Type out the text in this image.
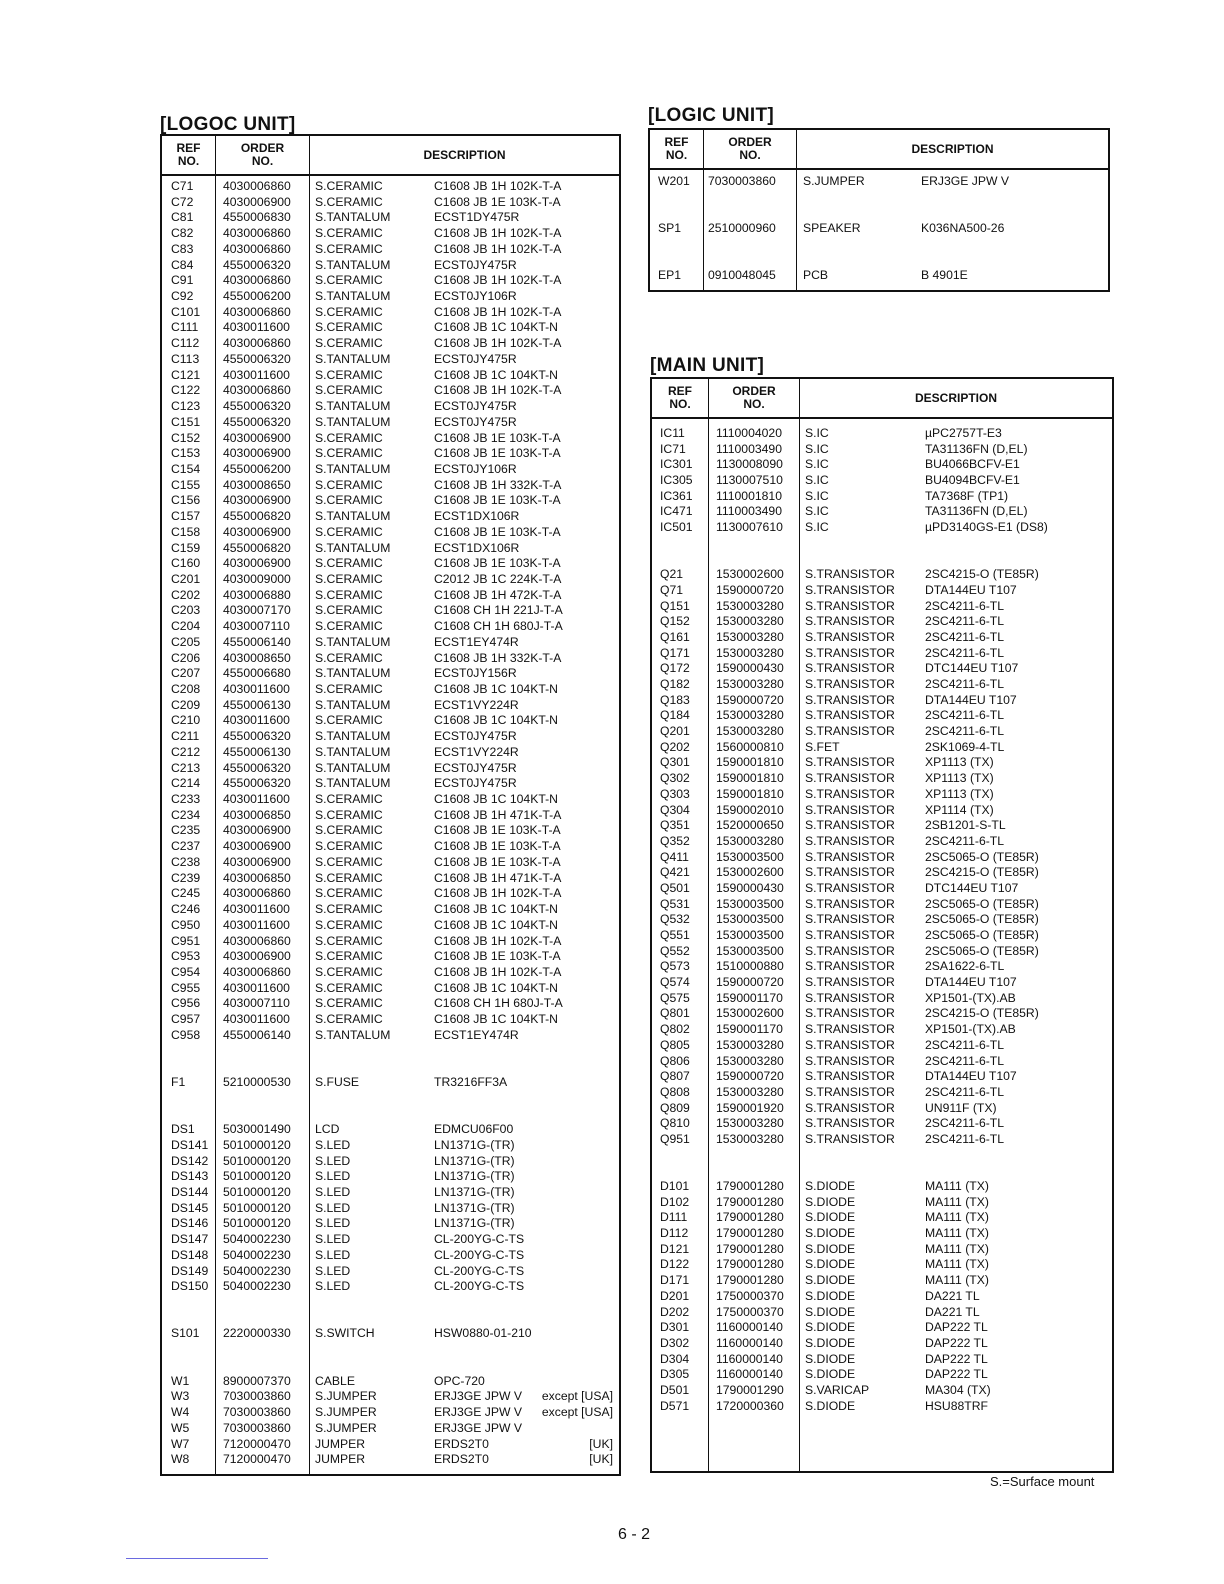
[LOGOC UNIT]
REF
NO.
ORDER
NO.	DESCRIPTION
C71 4030006860 S.CERAMIC	C1608 JB 1H 102K-T-A
C72 4030006900 S.CERAMIC	C1608 JB 1E 103K-T-A
C81 4550006830 S.TANTALUM	ECST1DY475R
C82 4030006860 S.CERAMIC	C1608 JB 1H 102K-T-A
C83 4030006860 S.CERAMIC	C1608 JB 1H 102K-T-A
C84 4550006320 S.TANTALUM	ECST0JY475R
C91 4030006860 S.CERAMIC	C1608 JB 1H 102K-T-A
C92 4550006200 S.TANTALUM	ECST0JY106R
C101 4030006860 S.CERAMIC	C1608 JB 1H 102K-T-A
C111 4030011600 S.CERAMIC	C1608 JB 1C 104KT-N
C112 4030006860 S.CERAMIC	C1608 JB 1H 102K-T-A
C113 4550006320 S.TANTALUM	ECST0JY475R
C121 4030011600 S.CERAMIC	C1608 JB 1C 104KT-N
C122 4030006860 S.CERAMIC	C1608 JB 1H 102K-T-A
C123 4550006320 S.TANTALUM	ECST0JY475R
C151 4550006320 S.TANTALUM	ECST0JY475R
C152 4030006900 S.CERAMIC	C1608 JB 1E 103K-T-A
C153 4030006900 S.CERAMIC	C1608 JB 1E 103K-T-A
C154 4550006200 S.TANTALUM	ECST0JY106R
C155 4030008650 S.CERAMIC	C1608 JB 1H 332K-T-A
C156 4030006900 S.CERAMIC	C1608 JB 1E 103K-T-A
C157 4550006820 S.TANTALUM	ECST1DX106R
C158 4030006900 S.CERAMIC	C1608 JB 1E 103K-T-A
C159 4550006820 S.TANTALUM	ECST1DX106R
C160 4030006900 S.CERAMIC	C1608 JB 1E 103K-T-A
C201 4030009000 S.CERAMIC	C2012 JB 1C 224K-T-A
C202 4030006880 S.CERAMIC	C1608 JB 1H 472K-T-A
C203 4030007170 S.CERAMIC	C1608 CH 1H 221J-T-A
C204 4030007110 S.CERAMIC	C1608 CH 1H 680J-T-A
C205 4550006140 S.TANTALUM	ECST1EY474R
C206 4030008650 S.CERAMIC	C1608 JB 1H 332K-T-A
C207 4550006680 S.TANTALUM	ECST0JY156R
C208 4030011600 S.CERAMIC	C1608 JB 1C 104KT-N
C209 4550006130 S.TANTALUM	ECST1VY224R
C210 4030011600 S.CERAMIC	C1608 JB 1C 104KT-N
C211 4550006320 S.TANTALUM	ECST0JY475R
C212 4550006130 S.TANTALUM	ECST1VY224R
C213 4550006320 S.TANTALUM	ECST0JY475R
C214 4550006320 S.TANTALUM	ECST0JY475R
C233 4030011600 S.CERAMIC	C1608 JB 1C 104KT-N
C234 4030006850 S.CERAMIC	C1608 JB 1H 471K-T-A
C235 4030006900 S.CERAMIC	C1608 JB 1E 103K-T-A
C237 4030006900 S.CERAMIC	C1608 JB 1E 103K-T-A
C238 4030006900 S.CERAMIC	C1608 JB 1E 103K-T-A
C239 4030006850 S.CERAMIC	C1608 JB 1H 471K-T-A
C245 4030006860 S.CERAMIC	C1608 JB 1H 102K-T-A
C246 4030011600 S.CERAMIC	C1608 JB 1C 104KT-N
C950 4030011600 S.CERAMIC	C1608 JB 1C 104KT-N
C951 4030006860 S.CERAMIC	C1608 JB 1H 102K-T-A
C953 4030006900 S.CERAMIC	C1608 JB 1E 103K-T-A
C954 4030006860 S.CERAMIC	C1608 JB 1H 102K-T-A
C955 4030011600 S.CERAMIC	C1608 JB 1C 104KT-N
C956 4030007110 S.CERAMIC	C1608 CH 1H 680J-T-A
C957 4030011600 S.CERAMIC	C1608 JB 1C 104KT-N
C958 4550006140 S.TANTALUM	ECST1EY474R
F1	5210000530 S.FUSE	TR3216FF3A
DS1 5030001490 LCD	EDMCU06F00
DS141 5010000120 S.LED	LN1371G-(TR)
DS142 5010000120 S.LED	LN1371G-(TR)
DS143 5010000120 S.LED	LN1371G-(TR)
DS144 5010000120 S.LED	LN1371G-(TR)
DS145 5010000120 S.LED	LN1371G-(TR)
DS146 5010000120 S.LED	LN1371G-(TR)
DS147 5040002230 S.LED	CL-200YG-C-TS
DS148 5040002230 S.LED	CL-200YG-C-TS
DS149 5040002230 S.LED	CL-200YG-C-TS
DS150 5040002230 S.LED	CL-200YG-C-TS
S101 2220000330 S.SWITCH	HSW0880-01-210
W1	8900007370 CABLE	OPC-720
W3	7030003860 S.JUMPER	ERJ3GE JPW V except [USA]
W4	7030003860 S.JUMPER	ERJ3GE JPW V except [USA]
W5	7030003860 S.JUMPER	ERJ3GE JPW V
W7	7120000470 JUMPER	ERDS2T0	[UK]
W8	7120000470 JUMPER	ERDS2T0	[UK]
[LOGIC UNIT]
REF
NO.
ORDER
NO.	DESCRIPTION
W201 7030003860 S.JUMPER	ERJ3GE JPW V
SP1 2510000960 SPEAKER	K036NA500-26
EP1 0910048045 PCB	B 4901E
[MAIN UNIT]
REF
NO.
ORDER
NO.	DESCRIPTION
IC11	1110004020 S.IC	µPC2757T-E3
IC71 1110003490 S.IC	TA31136FN (D,EL)
IC301 1130008090 S.IC	BU4066BCFV-E1
IC305 1130007510 S.IC	BU4094BCFV-E1
IC361 1110001810 S.IC	TA7368F (TP1)
IC471 1110003490 S.IC	TA31136FN (D,EL)
IC501 1130007610 S.IC	µPD3140GS-E1 (DS8)
Q21	1530002600 S.TRANSISTOR 2SC4215-O (TE85R)
Q71	1590000720 S.TRANSISTOR DTA144EU T107
Q151 1530003280 S.TRANSISTOR 2SC4211-6-TL
Q152 1530003280 S.TRANSISTOR 2SC4211-6-TL
Q161 1530003280 S.TRANSISTOR 2SC4211-6-TL
Q171 1530003280 S.TRANSISTOR 2SC4211-6-TL
Q172 1590000430 S.TRANSISTOR DTC144EU T107
Q182 1530003280 S.TRANSISTOR 2SC4211-6-TL
Q183 1590000720 S.TRANSISTOR DTA144EU T107
Q184 1530003280 S.TRANSISTOR 2SC4211-6-TL
Q201 1530003280 S.TRANSISTOR 2SC4211-6-TL
Q202 1560000810 S.FET	2SK1069-4-TL
Q301 1590001810 S.TRANSISTOR XP1113 (TX)
Q302 1590001810 S.TRANSISTOR XP1113 (TX)
Q303 1590001810 S.TRANSISTOR XP1113 (TX)
Q304 1590002010 S.TRANSISTOR XP1114 (TX)
Q351 1520000650 S.TRANSISTOR 2SB1201-S-TL
Q352 1530003280 S.TRANSISTOR 2SC4211-6-TL
Q411 1530003500 S.TRANSISTOR 2SC5065-O (TE85R)
Q421 1530002600 S.TRANSISTOR 2SC4215-O (TE85R)
Q501 1590000430 S.TRANSISTOR DTC144EU T107
Q531 1530003500 S.TRANSISTOR 2SC5065-O (TE85R)
Q532 1530003500 S.TRANSISTOR 2SC5065-O (TE85R)
Q551 1530003500 S.TRANSISTOR 2SC5065-O (TE85R)
Q552 1530003500 S.TRANSISTOR 2SC5065-O (TE85R)
Q573 1510000880 S.TRANSISTOR 2SA1622-6-TL
Q574 1590000720 S.TRANSISTOR DTA144EU T107
Q575 1590001170 S.TRANSISTOR XP1501-(TX).AB
Q801 1530002600 S.TRANSISTOR 2SC4215-O (TE85R)
Q802 1590001170 S.TRANSISTOR XP1501-(TX).AB
Q805 1530003280 S.TRANSISTOR 2SC4211-6-TL
Q806 1530003280 S.TRANSISTOR 2SC4211-6-TL
Q807 1590000720 S.TRANSISTOR DTA144EU T107
Q808 1530003280 S.TRANSISTOR 2SC4211-6-TL
Q809 1590001920 S.TRANSISTOR UN911F (TX)
Q810 1530003280 S.TRANSISTOR 2SC4211-6-TL
Q951 1530003280 S.TRANSISTOR 2SC4211-6-TL
D101 1790001280 S.DIODE	MA111 (TX)
D102 1790001280 S.DIODE	MA111 (TX)
D111 1790001280 S.DIODE	MA111 (TX)
D112 1790001280 S.DIODE	MA111 (TX)
D121 1790001280 S.DIODE	MA111 (TX)
D122 1790001280 S.DIODE	MA111 (TX)
D171 1790001280 S.DIODE	MA111 (TX)
D201 1750000370 S.DIODE	DA221 TL
D202 1750000370 S.DIODE	DA221 TL
D301 1160000140 S.DIODE	DAP222 TL
D302 1160000140 S.DIODE	DAP222 TL
D304 1160000140 S.DIODE	DAP222 TL
D305 1160000140 S.DIODE	DAP222 TL
D501 1790001290 S.VARICAP	MA304 (TX)
D571 1720000360 S.DIODE	HSU88TRF
S.=Surface mount
6 - 2
